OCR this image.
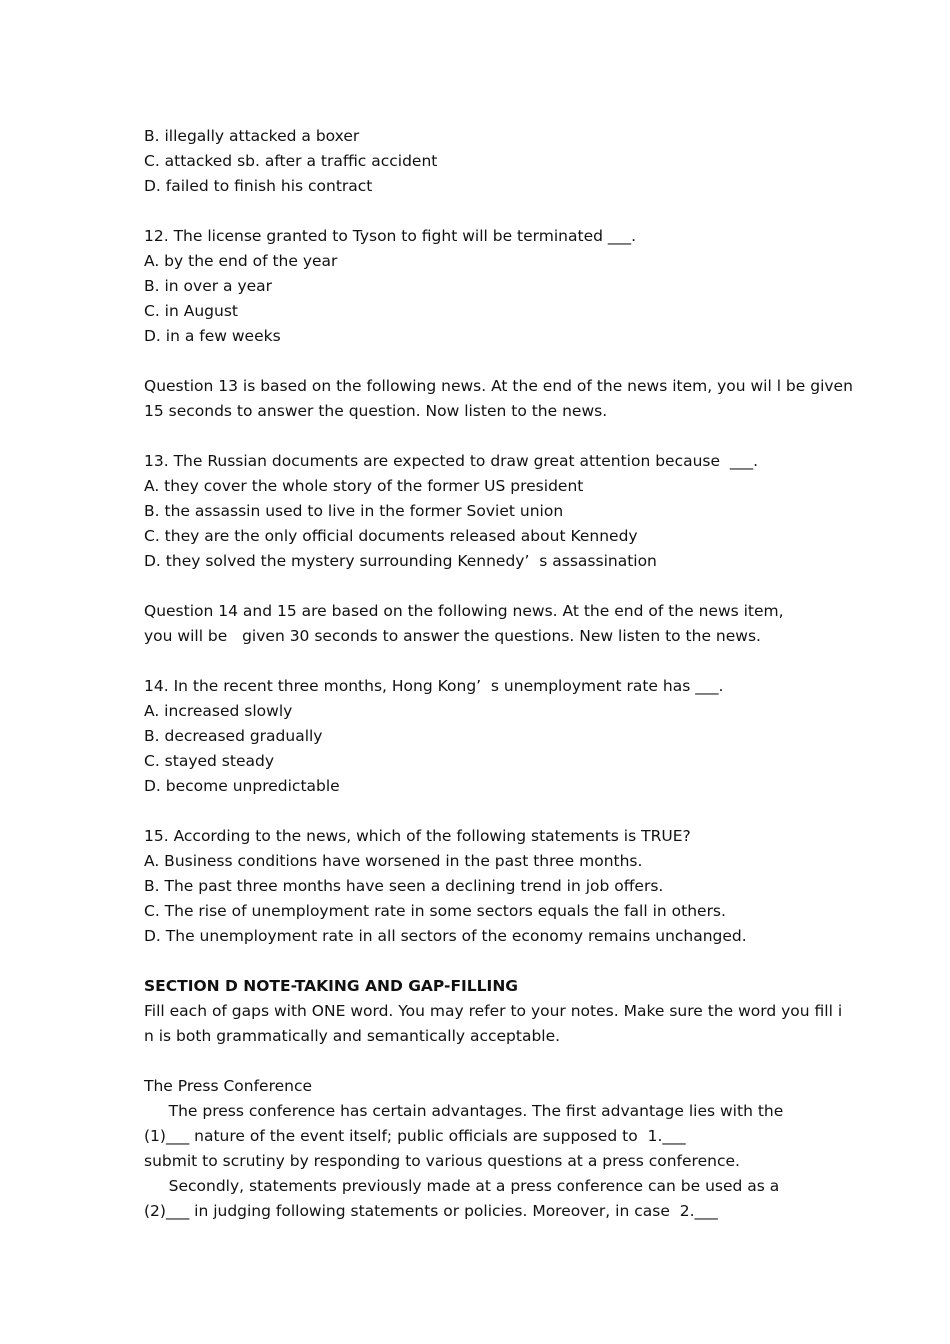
B. illegally attacked a boxer
C. attacked sb. after a traffic accident
D. failed to finish his contract
12. The license granted to Tyson to fight will be terminated ___.
A. by the end of the year
B. in over a year
C. in August
D. in a few weeks
Question 13 is based on the following news. At the end of the news item, you wil l be given
15 seconds to answer the question. Now listen to the news.
13. The Russian documents are expected to draw great attention because  ___.
A. they cover the whole story of the former US president
B. the assassin used to live in the former Soviet union
C. they are the only official documents released about Kennedy
D. they solved the mystery surrounding Kennedy’  s assassination
Question 14 and 15 are based on the following news. At the end of the news item,
you will be   given 30 seconds to answer the questions. New listen to the news.
14. In the recent three months, Hong Kong’  s unemployment rate has ___.
A. increased slowly
B. decreased gradually
C. stayed steady
D. become unpredictable
15. According to the news, which of the following statements is TRUE?
A. Business conditions have worsened in the past three months.
B. The past three months have seen a declining trend in job offers.
C. The rise of unemployment rate in some sectors equals the fall in others.
D. The unemployment rate in all sectors of the economy remains unchanged.
SECTION D NOTE-TAKING AND GAP-FILLING
Fill each of gaps with ONE word. You may refer to your notes. Make sure the word you fill i
n is both grammatically and semantically acceptable.
The Press Conference
The press conference has certain advantages. The first advantage lies with the
(1)___ nature of the event itself; public officials are supposed to  1.___
submit to scrutiny by responding to various questions at a press conference.
Secondly, statements previously made at a press conference can be used as a
(2)___ in judging following statements or policies. Moreover, in case  2.___
